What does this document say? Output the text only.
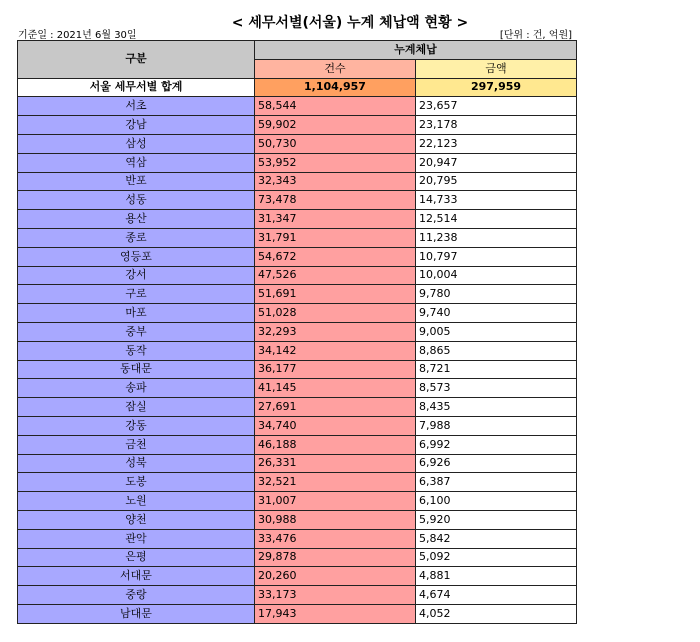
< 세무서별(서울) 누계 체납액 현황 >
기준일 : 2021년 6월 30일	[단위 : 건, 억원]
구분	누계체납	
	건수	금액
서울 세무서별 합계	1,104,957	297,959
서초	58,544	23,657
강남	59,902	23,178
삼성	50,730	22,123
역삼	53,952	20,947
반포	32,343	20,795
성동	73,478	14,733
용산	31,347	12,514
종로	31,791	11,238
영등포	54,672	10,797
강서	47,526	10,004
구로	51,691	9,780
마포	51,028	9,740
중부	32,293	9,005
동작	34,142	8,865
동대문	36,177	8,721
송파	41,145	8,573
잠실	27,691	8,435
강동	34,740	7,988
금천	46,188	6,992
성북	26,331	6,926
도봉	32,521	6,387
노원	31,007	6,100
양천	30,988	5,920
관악	33,476	5,842
은평	29,878	5,092
서대문	20,260	4,881
중랑	33,173	4,674
남대문	17,943	4,052
